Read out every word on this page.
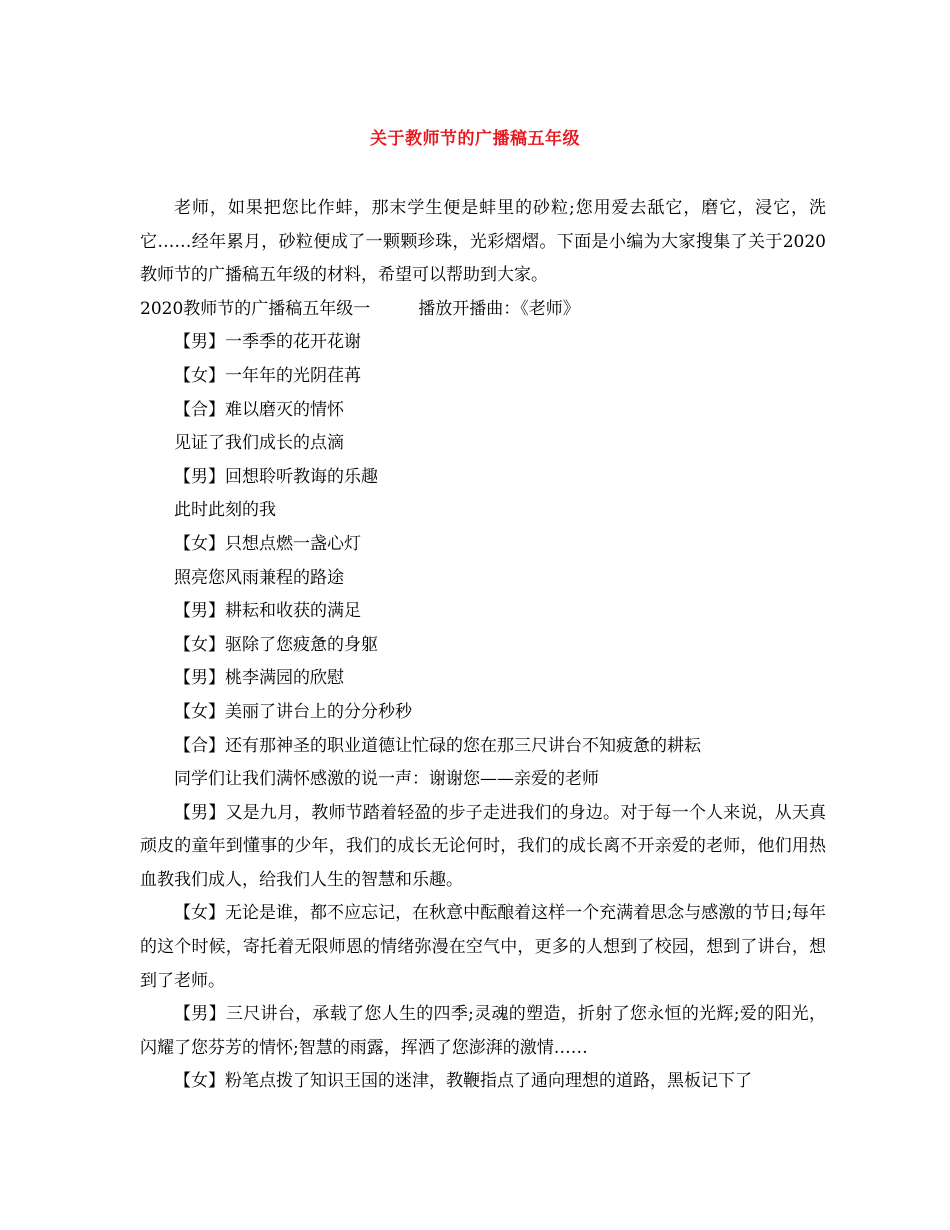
关于教师节的广播稿五年级

老师，如果把您比作蚌，那末学生便是蚌里的砂粒;您用爱去舐它，磨它，浸它，洗它……经年累月，砂粒便成了一颗颗珍珠，光彩熠熠。下面是小编为大家搜集了关于2020教师节的广播稿五年级的材料，希望可以帮助到大家。

2020教师节的广播稿五年级一	播放开播曲：《老师》

【男】一季季的花开花谢

【女】一年年的光阴荏苒

【合】难以磨灭的情怀

见证了我们成长的点滴

【男】回想聆听教诲的乐趣

此时此刻的我

【女】只想点燃一盏心灯

照亮您风雨兼程的路途

【男】耕耘和收获的满足

【女】驱除了您疲惫的身躯

【男】桃李满园的欣慰

【女】美丽了讲台上的分分秒秒

【合】还有那神圣的职业道德让忙碌的您在那三尺讲台不知疲惫的耕耘

同学们让我们满怀感激的说一声：谢谢您——亲爱的老师

【男】又是九月，教师节踏着轻盈的步子走进我们的身边。对于每一个人来说，从天真顽皮的童年到懂事的少年，我们的成长无论何时，我们的成长离不开亲爱的老师，他们用热血教我们成人，给我们人生的智慧和乐趣。

【女】无论是谁，都不应忘记，在秋意中酝酿着这样一个充满着思念与感激的节日;每年的这个时候，寄托着无限师恩的情绪弥漫在空气中，更多的人想到了校园，想到了讲台，想到了老师。

【男】三尺讲台，承载了您人生的四季;灵魂的塑造，折射了您永恒的光辉;爱的阳光，闪耀了您芬芳的情怀;智慧的雨露，挥洒了您澎湃的激情……

【女】粉笔点拨了知识王国的迷津，教鞭指点了通向理想的道路，黑板记下了
